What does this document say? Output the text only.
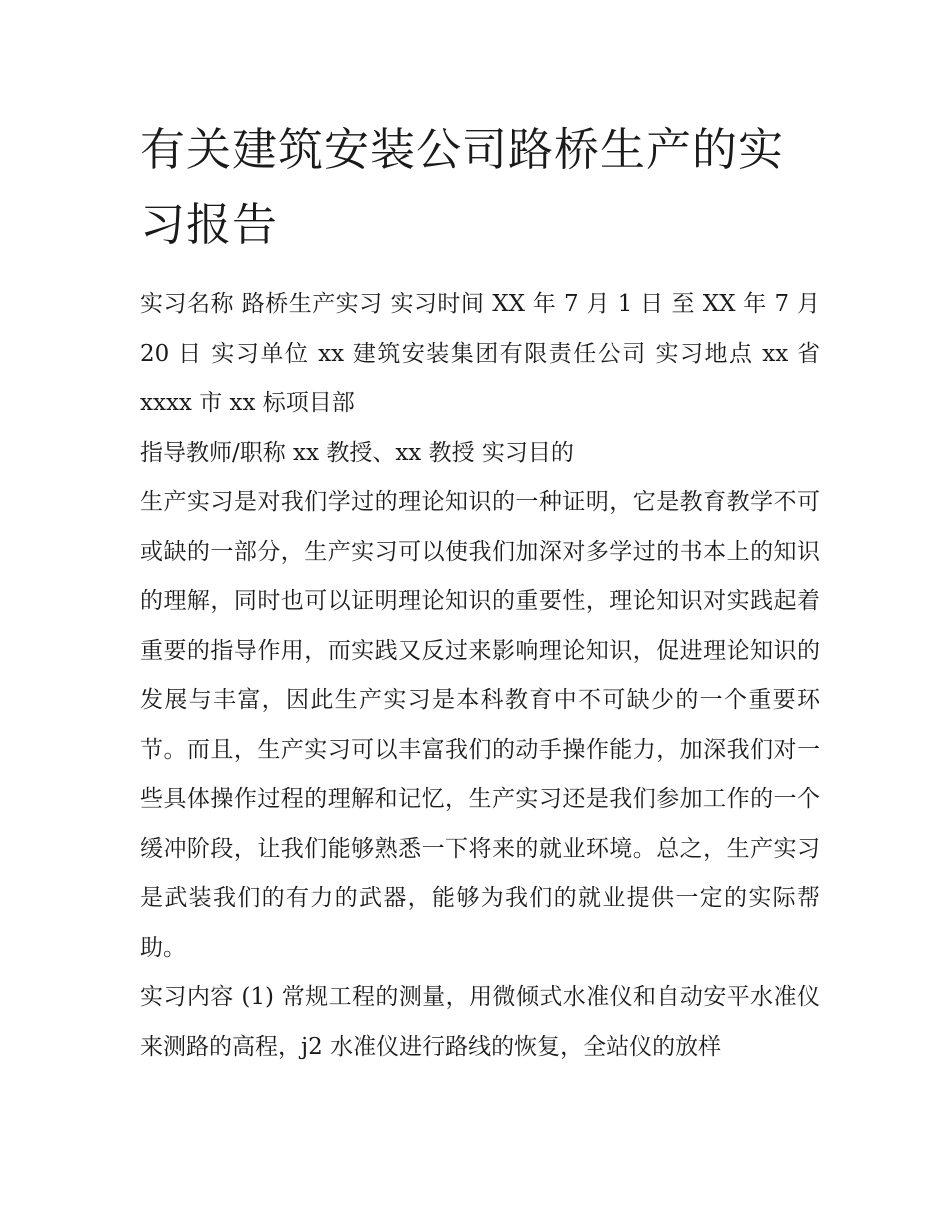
有关建筑安装公司路桥生产的实习报告

实习名称 路桥生产实习 实习时间 XX 年 7 月 1 日 至 XX 年 7 月 20 日 实习单位 xx 建筑安装集团有限责任公司 实习地点 xx 省 xxxx 市 xx 标项目部

指导教师/职称 xx 教授、xx 教授 实习目的

生产实习是对我们学过的理论知识的一种证明，它是教育教学不可或缺的一部分，生产实习可以使我们加深对多学过的书本上的知识的理解，同时也可以证明理论知识的重要性，理论知识对实践起着重要的指导作用，而实践又反过来影响理论知识，促进理论知识的发展与丰富，因此生产实习是本科教育中不可缺少的一个重要环节。而且，生产实习可以丰富我们的动手操作能力，加深我们对一些具体操作过程的理解和记忆，生产实习还是我们参加工作的一个缓冲阶段，让我们能够熟悉一下将来的就业环境。总之，生产实习是武装我们的有力的武器，能够为我们的就业提供一定的实际帮助。

实习内容 (1) 常规工程的测量，用微倾式水准仪和自动安平水准仪来测路的高程，j2 水准仪进行路线的恢复，全站仪的放样
